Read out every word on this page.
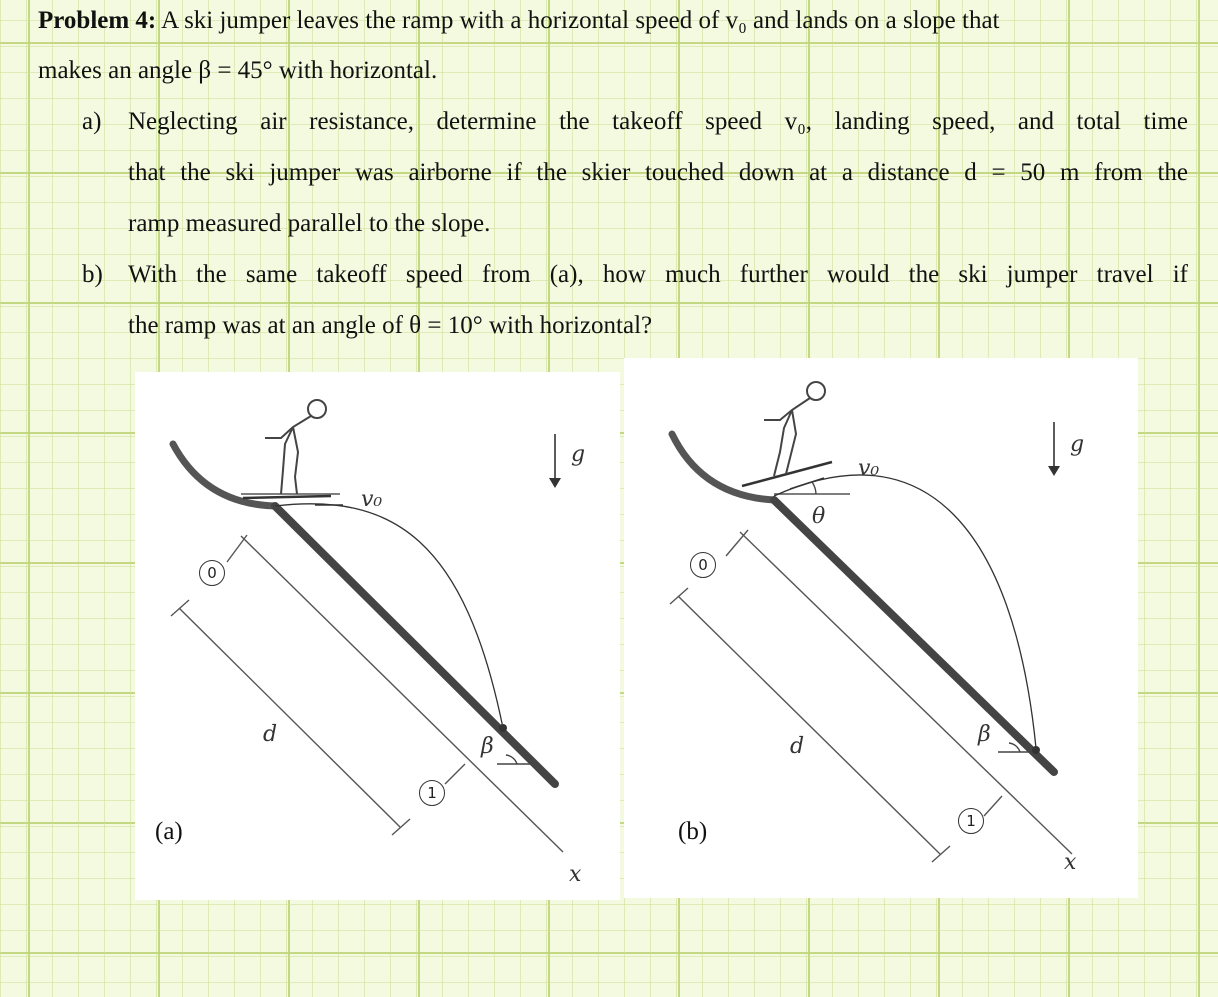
Problem 4: A ski jumper leaves the ramp with a horizontal speed of v₀ and lands on a slope that
makes an angle β = 45° with horizontal.
a) Neglecting air resistance, determine the takeoff speed v₀, landing speed, and total time
that the ski jumper was airborne if the skier touched down at a distance d = 50 m from the
ramp measured parallel to the slope.
b) With the same takeoff speed from (a), how much further would the ski jumper travel if
the ramp was at an angle of θ = 10° with horizontal?
v₀
g
d	β
x
0
1
(a)
v₀
θ
g
d	β
x
0
1
(b)
